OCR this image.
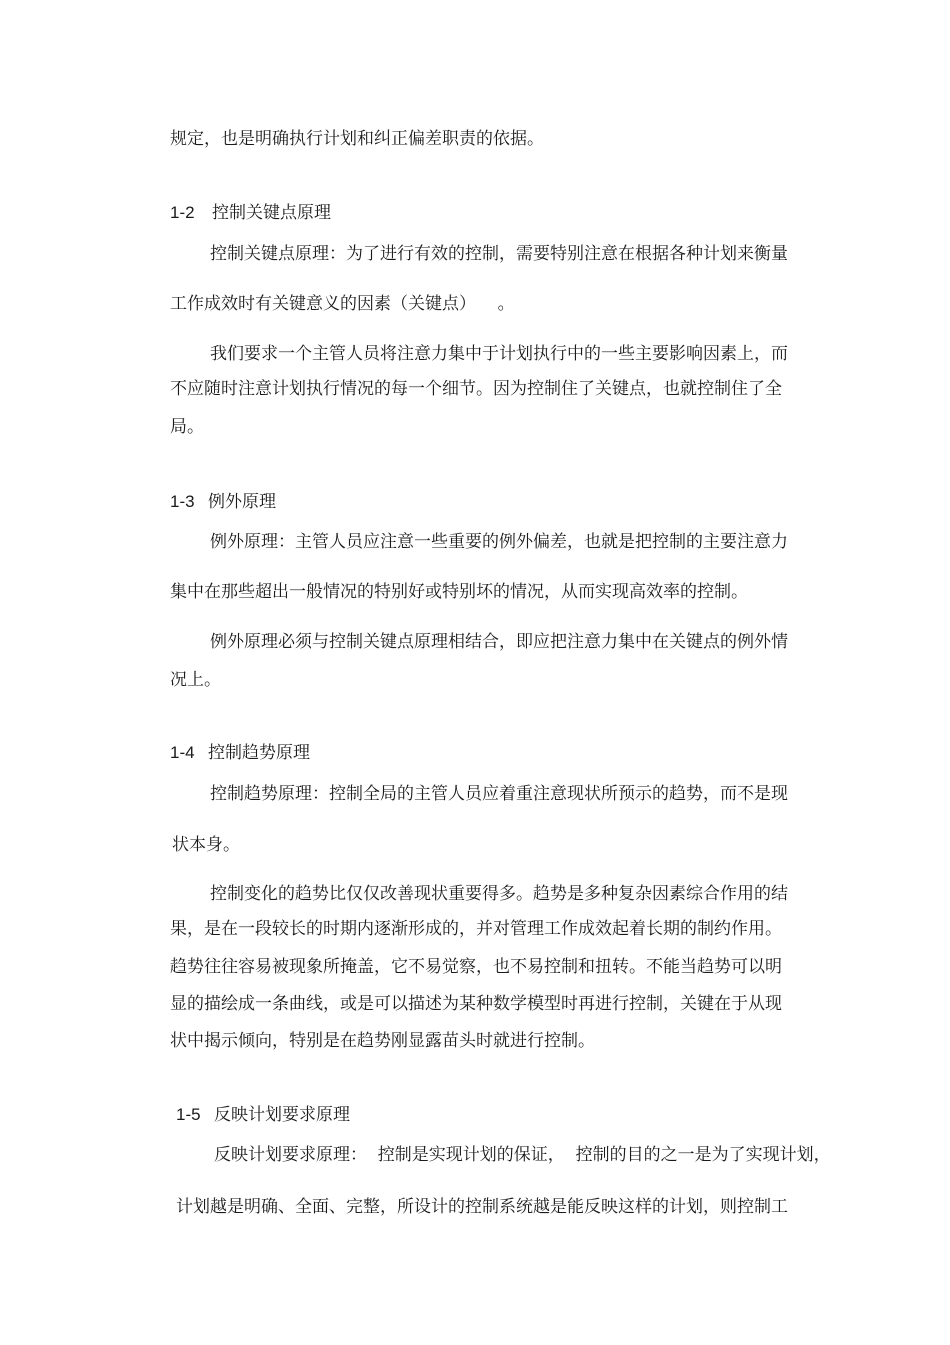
规定，也是明确执行计划和纠正偏差职责的依据。

1-2 控制关键点原理

控制关键点原理：为了进行有效的控制，需要特别注意在根据各种计划来衡量

工作成效时有关键意义的因素（关键点）    。

我们要求一个主管人员将注意力集中于计划执行中的一些主要影响因素上，而

不应随时注意计划执行情况的每一个细节。因为控制住了关键点，也就控制住了全

局。

1-3 例外原理

例外原理：主管人员应注意一些重要的例外偏差，也就是把控制的主要注意力

集中在那些超出一般情况的特别好或特别坏的情况，从而实现高效率的控制。

例外原理必须与控制关键点原理相结合，即应把注意力集中在关键点的例外情

况上。

1-4 控制趋势原理

控制趋势原理：控制全局的主管人员应着重注意现状所预示的趋势，而不是现

状本身。

控制变化的趋势比仅仅改善现状重要得多。趋势是多种复杂因素综合作用的结

果，是在一段较长的时期内逐渐形成的，并对管理工作成效起着长期的制约作用。

趋势往往容易被现象所掩盖，它不易觉察，也不易控制和扭转。不能当趋势可以明

显的描绘成一条曲线，或是可以描述为某种数学模型时再进行控制，关键在于从现

状中揭示倾向，特别是在趋势刚显露苗头时就进行控制。

1-5 反映计划要求原理

反映计划要求原理：  控制是实现计划的保证，  控制的目的之一是为了实现计划，

计划越是明确、全面、完整，所设计的控制系统越是能反映这样的计划，则控制工
